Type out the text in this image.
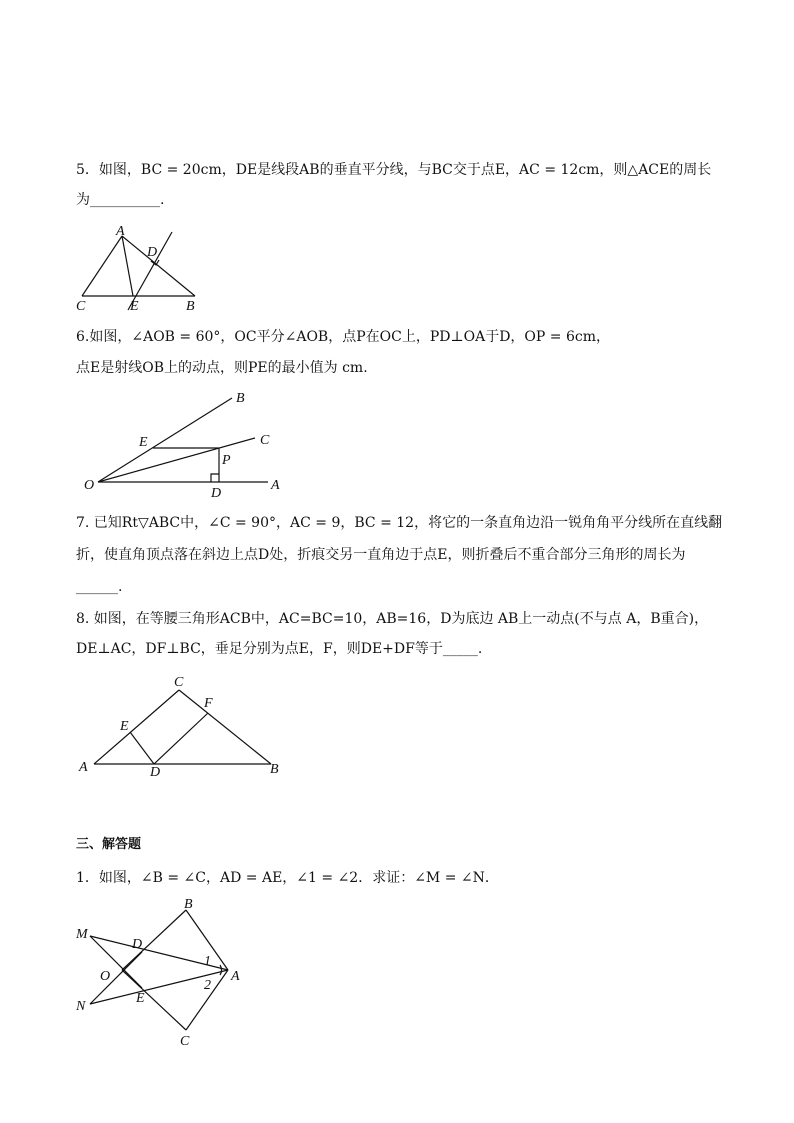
5．如图，BC = 20cm，DE是线段AB的垂直平分线，与BC交于点E，AC = 12cm，则△ACE的周长
为__________.
A
D
C	E	B
6.如图，∠AOB = 60°，OC平分∠AOB，点P在OC上，PD⊥OA于D，OP = 6cm，
点E是射线OB上的动点，则PE的最小值为 cm.
B
E	C
P
O
D
A
7. 已知Rt▽ABC中，∠C = 90°，AC = 9，BC = 12，将它的一条直角边沿一锐角角平分线所在直线翻
折，使直角顶点落在斜边上点D处，折痕交另一直角边于点E，则折叠后不重合部分三角形的周长为
______.
8. 如图，在等腰三角形ACB中，AC=BC=10，AB=16，D为底边 AB上一动点(不与点 A，B重合)，
DE⊥AC，DF⊥BC，垂足分别为点E，F，则DE+DF等于_____.
C
F
E
A	D	B
三、解答题
1．如图，∠B = ∠C，AD = AE，∠1 = ∠2．求证：∠M = ∠N．
B
M
D
O
1
A
2
N
E
C
